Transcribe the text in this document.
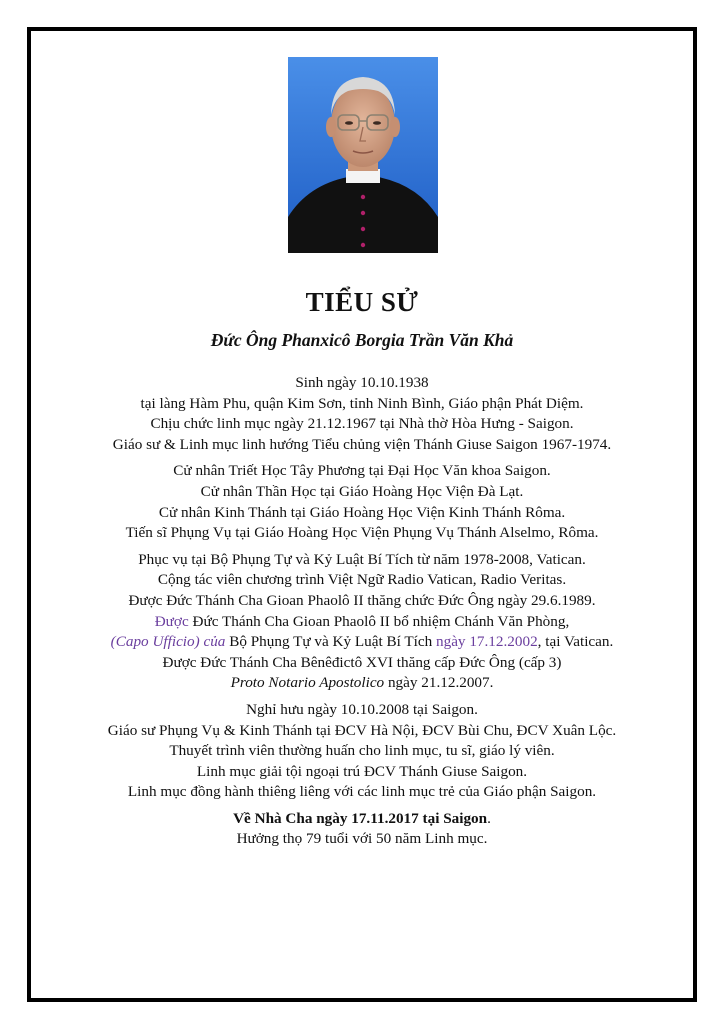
TIỂU SỬ
Đức Ông Phanxicô Borgia Trần Văn Khả

Sinh ngày 10.10.1938

tại làng Hàm Phu, quận Kim Sơn, tỉnh Ninh Bình, Giáo phận Phát Diệm.

Chịu chức linh mục ngày 21.12.1967 tại Nhà thờ Hòa Hưng - Saigon.

Giáo sư & Linh mục linh hướng Tiểu chủng viện Thánh Giuse Saigon 1967-1974.

Cử nhân Triết Học Tây Phương tại Đại Học Văn khoa Saigon.

Cử nhân Thần Học tại Giáo Hoàng Học Viện Đà Lạt.

Cử nhân Kinh Thánh tại Giáo Hoàng Học Viện Kinh Thánh Rôma.

Tiến sĩ Phụng Vụ tại Giáo Hoàng Học Viện Phụng Vụ Thánh Alselmo, Rôma.

Phục vụ tại Bộ Phụng Tự và Kỷ Luật Bí Tích từ năm 1978-2008, Vatican.

Cộng tác viên chương trình Việt Ngữ Radio Vatican, Radio Veritas.

Được Đức Thánh Cha Gioan Phaolô II thăng chức Đức Ông ngày 29.6.1989.

Được Đức Thánh Cha Gioan Phaolô II bổ nhiệm Chánh Văn Phòng,

(Capo Ufficio) của Bộ Phụng Tự và Kỷ Luật Bí Tích ngày 17.12.2002, tại Vatican.

Được Đức Thánh Cha Bênêđictô XVI thăng cấp Đức Ông (cấp 3)

Proto Notario Apostolico ngày 21.12.2007.

Nghỉ hưu ngày 10.10.2008 tại Saigon.

Giáo sư Phụng Vụ & Kinh Thánh tại ĐCV Hà Nội, ĐCV Bùi Chu, ĐCV Xuân Lộc.

Thuyết trình viên thường huấn cho linh mục, tu sĩ, giáo lý viên.

Linh mục giải tội ngoại trú ĐCV Thánh Giuse Saigon.

Linh mục đồng hành thiêng liêng với các linh mục trẻ của Giáo phận Saigon.

Về Nhà Cha ngày 17.11.2017 tại Saigon.

Hưởng thọ 79 tuổi với 50 năm Linh mục.
